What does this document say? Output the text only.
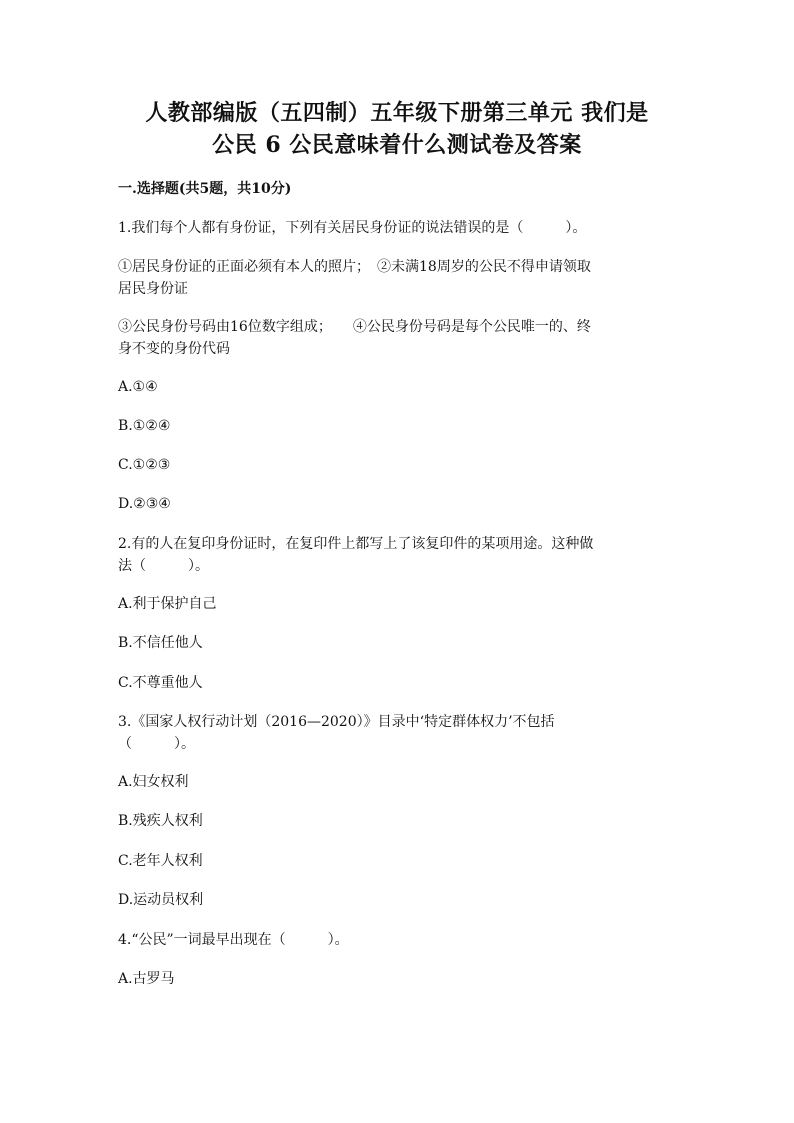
人教部编版（五四制）五年级下册第三单元 我们是
公民 6 公民意味着什么测试卷及答案
一.选择题(共5题，共10分)
1.我们每个人都有身份证，下列有关居民身份证的说法错误的是（　　　）。
①居民身份证的正面必须有本人的照片；　②未满18周岁的公民不得申请领取
居民身份证
③公民身份号码由16位数字组成；　　④公民身份号码是每个公民唯一的、终
身不变的身份代码
A.①④
B.①②④
C.①②③
D.②③④
2.有的人在复印身份证时，在复印件上都写上了该复印件的某项用途。这种做
法（　　　）。
A.利于保护自己
B.不信任他人
C.不尊重他人
3.《国家人权行动计划（2016—2020）》目录中‘特定群体权力’不包括
（　　　）。
A.妇女权利
B.残疾人权利
C.老年人权利
D.运动员权利
4.“公民”一词最早出现在（　　　）。
A.古罗马
